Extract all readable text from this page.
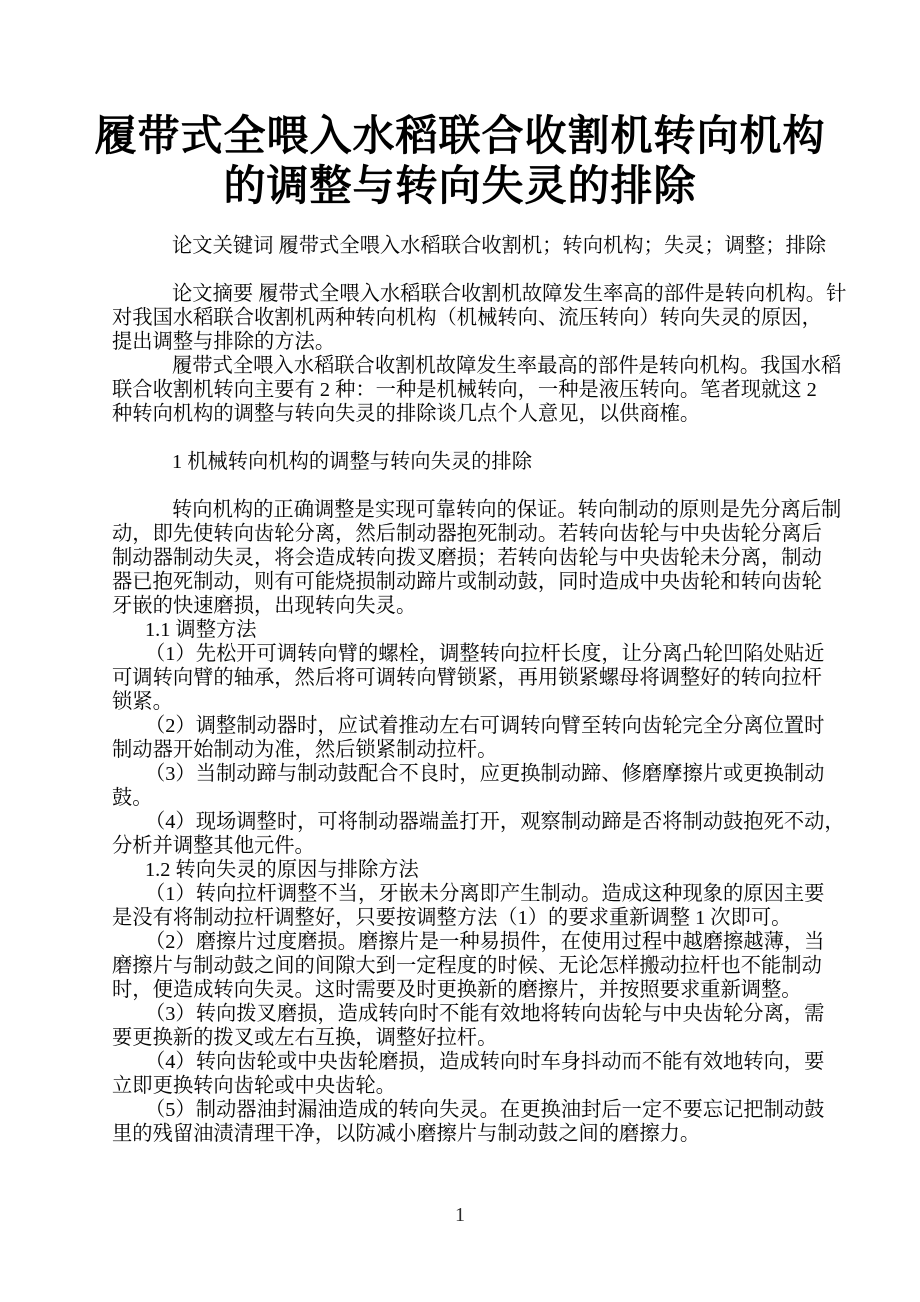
履带式全喂入水稻联合收割机转向机构
的调整与转向失灵的排除
论文关键词 履带式全喂入水稻联合收割机；转向机构；失灵；调整；排除
论文摘要 履带式全喂入水稻联合收割机故障发生率高的部件是转向机构。针
对我国水稻联合收割机两种转向机构（机械转向、流压转向）转向失灵的原因，
提出调整与排除的方法。
履带式全喂入水稻联合收割机故障发生率最高的部件是转向机构。我国水稻
联合收割机转向主要有 2 种：一种是机械转向，一种是液压转向。笔者现就这 2
种转向机构的调整与转向失灵的排除谈几点个人意见，以供商榷。
1 机械转向机构的调整与转向失灵的排除
转向机构的正确调整是实现可靠转向的保证。转向制动的原则是先分离后制
动，即先使转向齿轮分离，然后制动器抱死制动。若转向齿轮与中央齿轮分离后
制动器制动失灵，将会造成转向拨叉磨损；若转向齿轮与中央齿轮未分离，制动
器已抱死制动，则有可能烧损制动蹄片或制动鼓，同时造成中央齿轮和转向齿轮
牙嵌的快速磨损，出现转向失灵。
1.1 调整方法
（1）先松开可调转向臂的螺栓，调整转向拉杆长度，让分离凸轮凹陷处贴近
可调转向臂的轴承，然后将可调转向臂锁紧，再用锁紧螺母将调整好的转向拉杆
锁紧。
（2）调整制动器时，应试着推动左右可调转向臂至转向齿轮完全分离位置时
制动器开始制动为准，然后锁紧制动拉杆。
（3）当制动蹄与制动鼓配合不良时，应更换制动蹄、修磨摩擦片或更换制动
鼓。
（4）现场调整时，可将制动器端盖打开，观察制动蹄是否将制动鼓抱死不动，
分析并调整其他元件。
1.2 转向失灵的原因与排除方法
（1）转向拉杆调整不当，牙嵌未分离即产生制动。造成这种现象的原因主要
是没有将制动拉杆调整好，只要按调整方法（1）的要求重新调整 1 次即可。
（2）磨擦片过度磨损。磨擦片是一种易损件，在使用过程中越磨擦越薄，当
磨擦片与制动鼓之间的间隙大到一定程度的时候、无论怎样搬动拉杆也不能制动
时，便造成转向失灵。这时需要及时更换新的磨擦片，并按照要求重新调整。
（3）转向拨叉磨损，造成转向时不能有效地将转向齿轮与中央齿轮分离，需
要更换新的拨叉或左右互换，调整好拉杆。
（4）转向齿轮或中央齿轮磨损，造成转向时车身抖动而不能有效地转向，要
立即更换转向齿轮或中央齿轮。
（5）制动器油封漏油造成的转向失灵。在更换油封后一定不要忘记把制动鼓
里的残留油渍清理干净，以防减小磨擦片与制动鼓之间的磨擦力。
1
